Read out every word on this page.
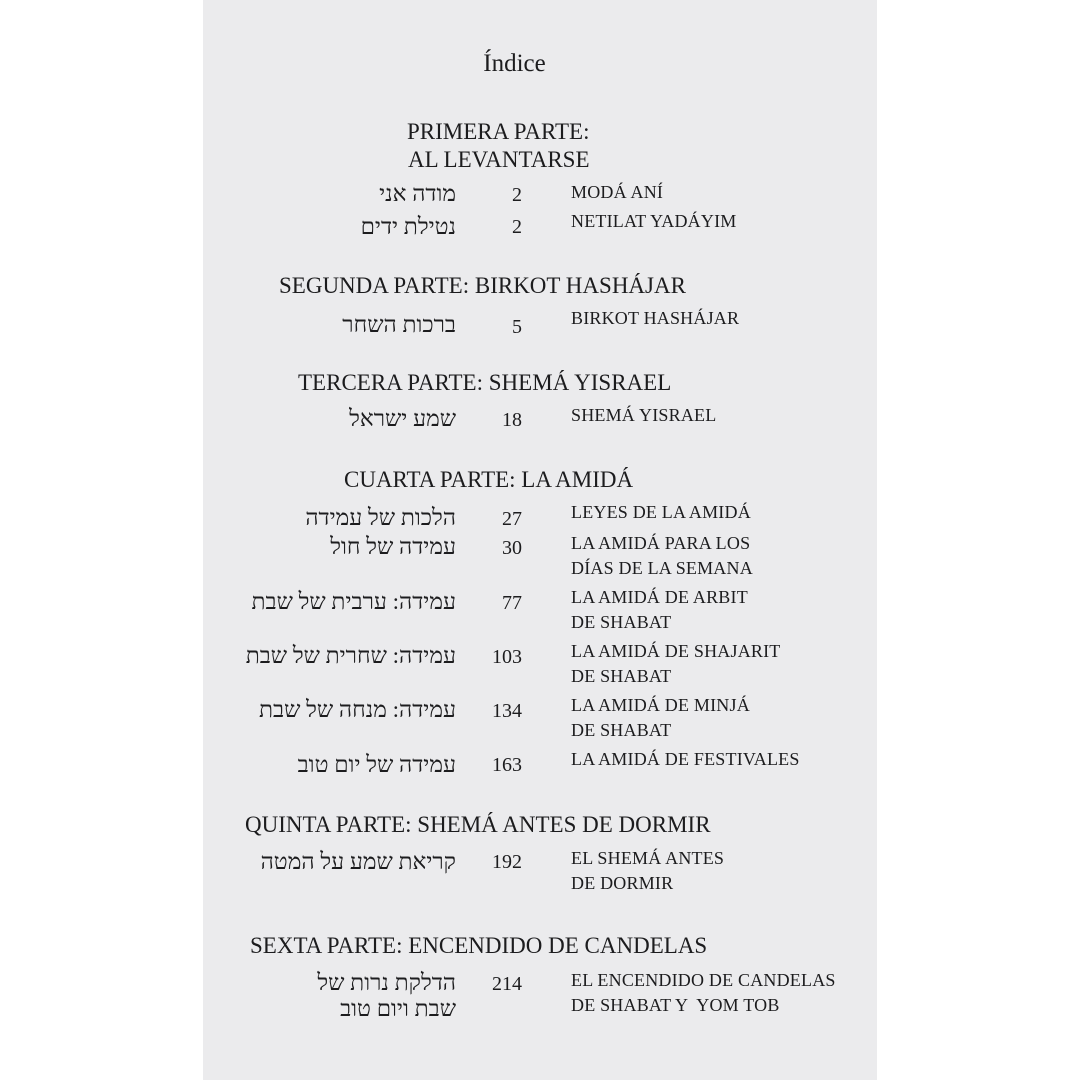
Índice
PRIMERA PARTE:
AL LEVANTARSE
מודה אני	2	MODÁ ANÍ
נטילת ידים	2	NETILAT YADÁYIM
SEGUNDA PARTE: BIRKOT HASHÁJAR
ברכות השחר	5	BIRKOT HASHÁJAR
TERCERA PARTE: SHEMÁ YISRAEL
שמע ישראל 18	SHEMÁ YISRAEL
CUARTA PARTE: LA AMIDÁ
הלכות של עמידה 27	LEYES DE LA AMIDÁ
עמידה של חול 30	LA AMIDÁ PARA LOS
DÍAS DE LA SEMANA
עמידה: ערבית של שבת 77	LA AMIDÁ DE ARBIT
DE SHABAT
עמידה: שחרית של שבת 103	LA AMIDÁ DE SHAJARIT
DE SHABAT
עמידה: מנחה של שבת 134	LA AMIDÁ DE MINJÁ
DE SHABAT
עמידה של יום טוב 163	LA AMIDÁ DE FESTIVALES
QUINTA PARTE: SHEMÁ ANTES DE DORMIR
קריאת שמע על המטה 192	EL SHEMÁ ANTES
DE DORMIR
SEXTA PARTE: ENCENDIDO DE CANDELAS
הדלקת נרות של
שבת ויום טוב
214	EL ENCENDIDO DE CANDELAS
DE SHABAT Y  YOM TOB
